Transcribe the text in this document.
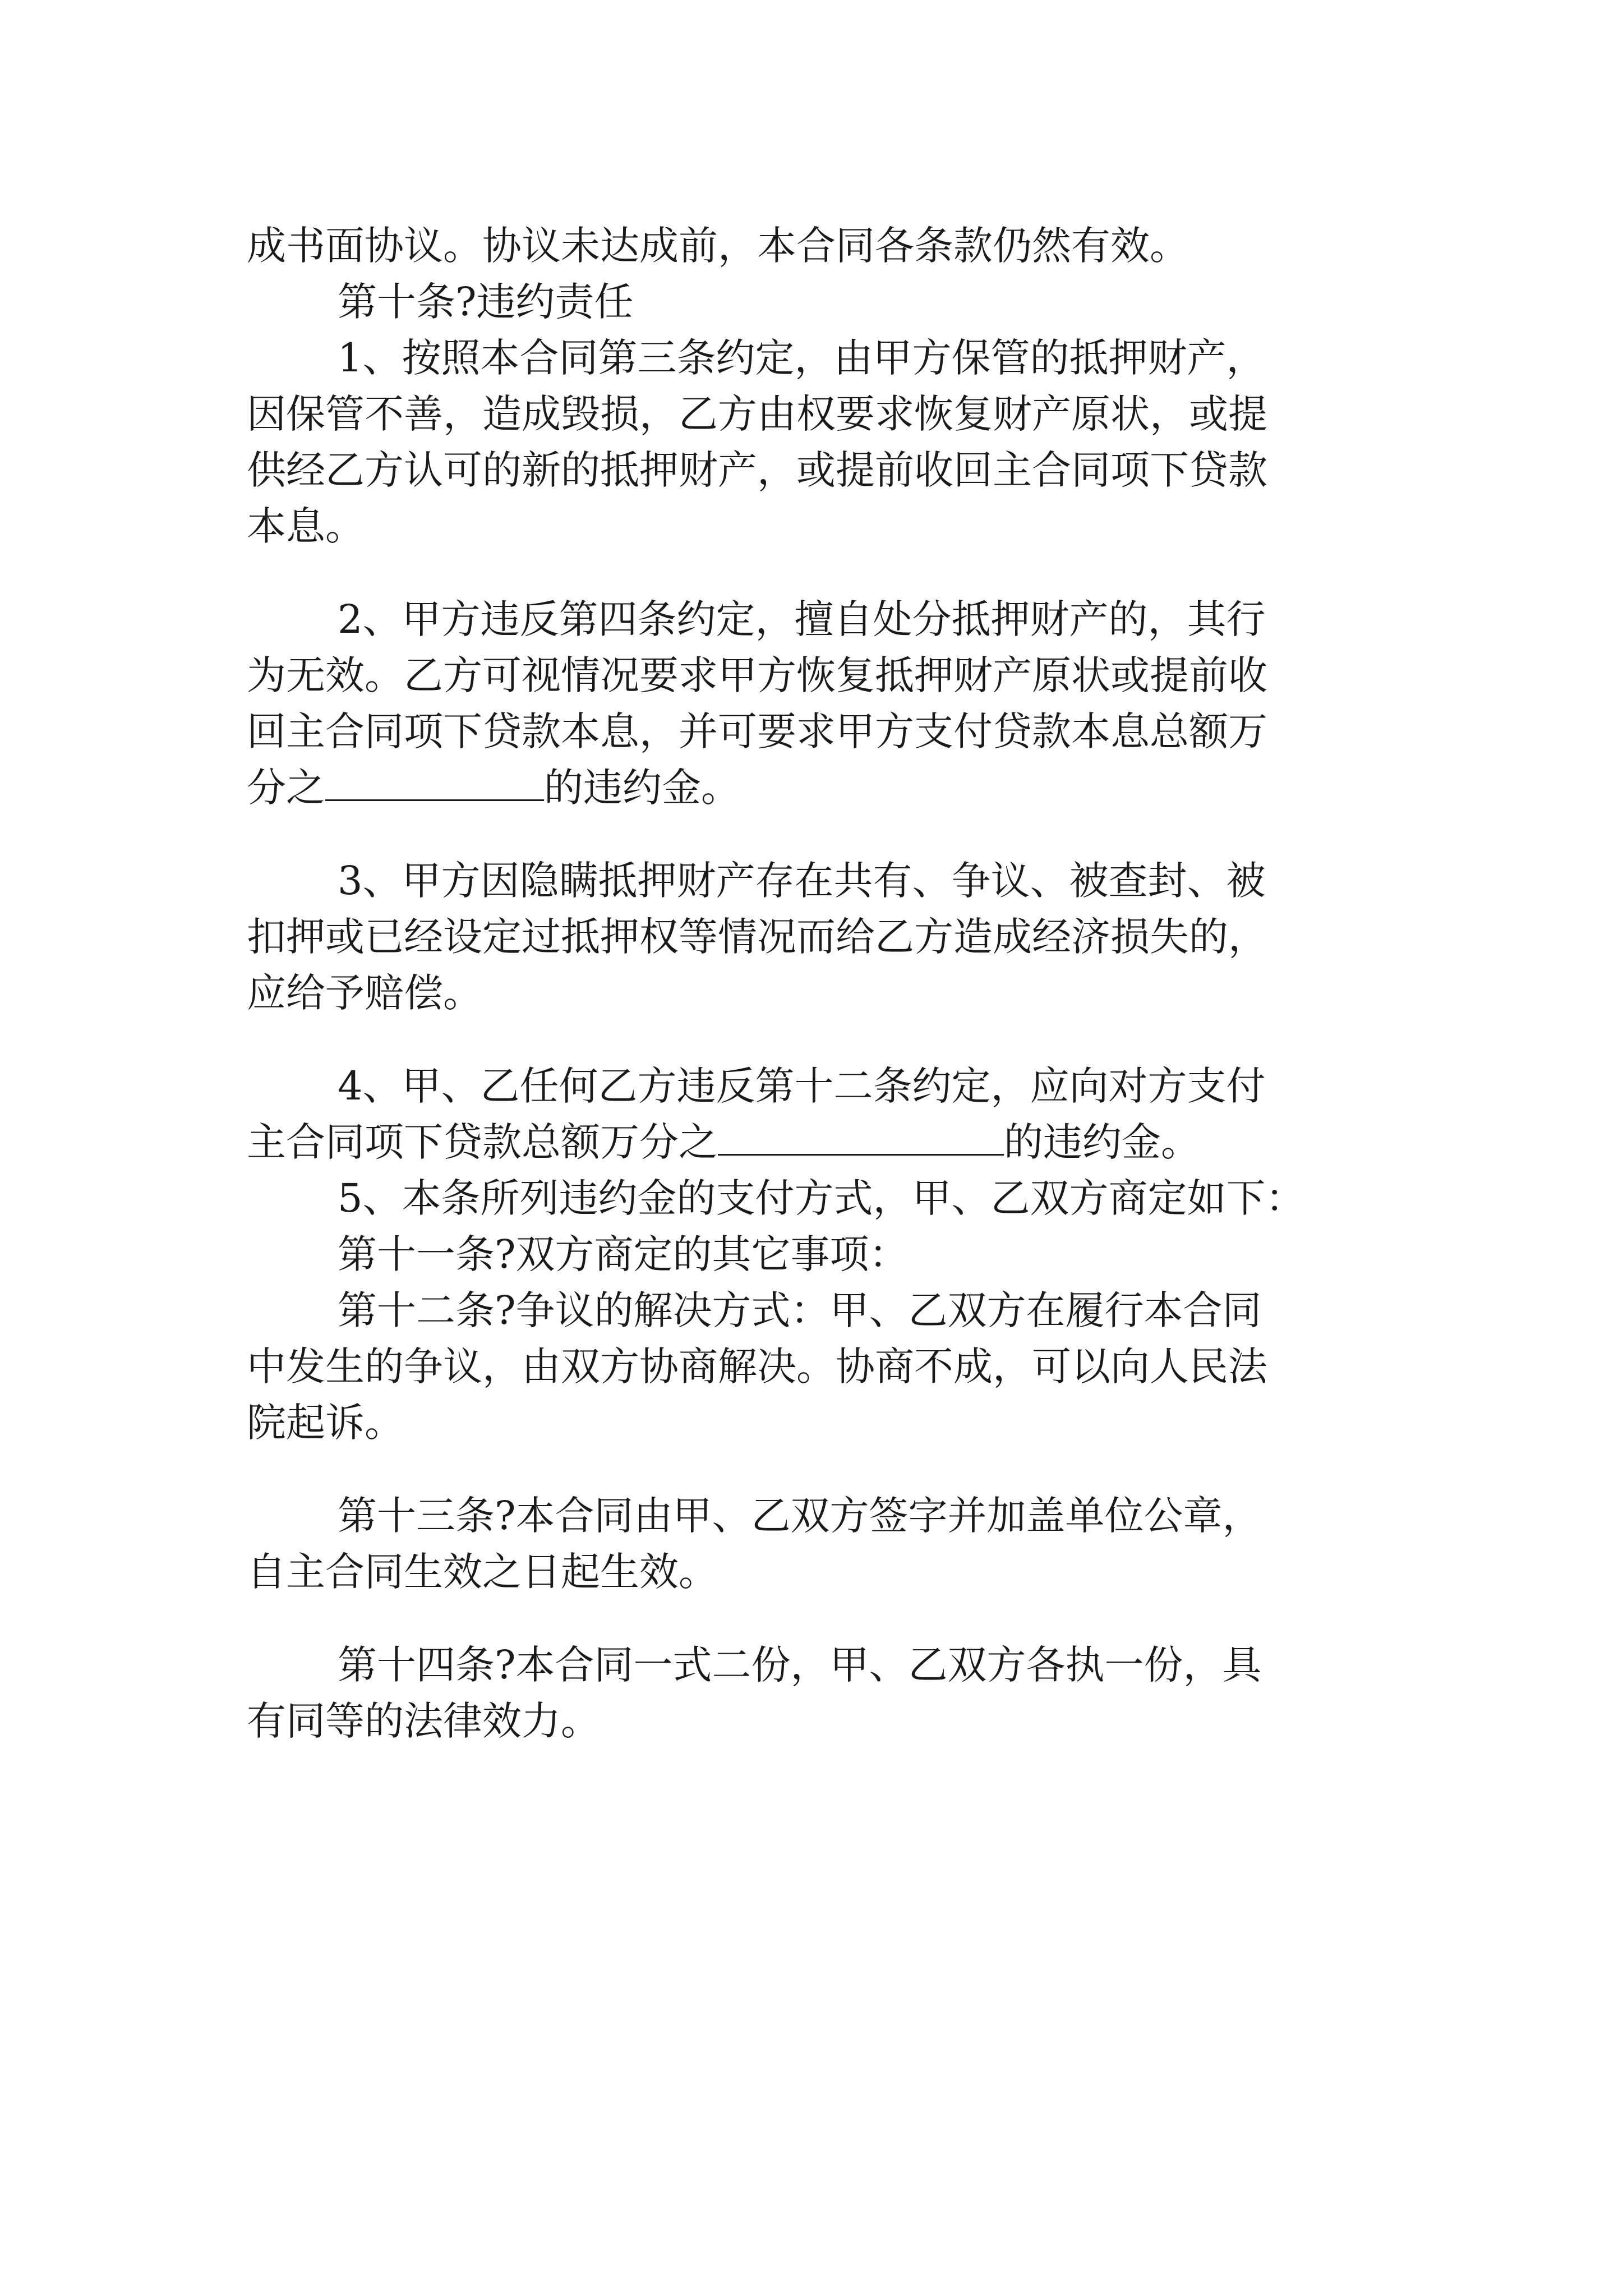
成书面协议。协议未达成前，本合同各条款仍然有效。

第十条?违约责任

1、按照本合同第三条约定，由甲方保管的抵押财产，

因保管不善，造成毁损，乙方由权要求恢复财产原状，或提

供经乙方认可的新的抵押财产，或提前收回主合同项下贷款

本息。

2、甲方违反第四条约定，擅自处分抵押财产的，其行

为无效。乙方可视情况要求甲方恢复抵押财产原状或提前收

回主合同项下贷款本息，并可要求甲方支付贷款本息总额万

分之	的违约金。

3、甲方因隐瞒抵押财产存在共有、争议、被查封、被

扣押或已经设定过抵押权等情况而给乙方造成经济损失的，

应给予赔偿。

4、甲、乙任何乙方违反第十二条约定，应向对方支付

主合同项下贷款总额万分之	的违约金。

5、本条所列违约金的支付方式，甲、乙双方商定如下：

第十一条?双方商定的其它事项：

第十二条?争议的解决方式：甲、乙双方在履行本合同

中发生的争议，由双方协商解决。协商不成，可以向人民法

院起诉。

第十三条?本合同由甲、乙双方签字并加盖单位公章，

自主合同生效之日起生效。

第十四条?本合同一式二份，甲、乙双方各执一份，具

有同等的法律效力。
